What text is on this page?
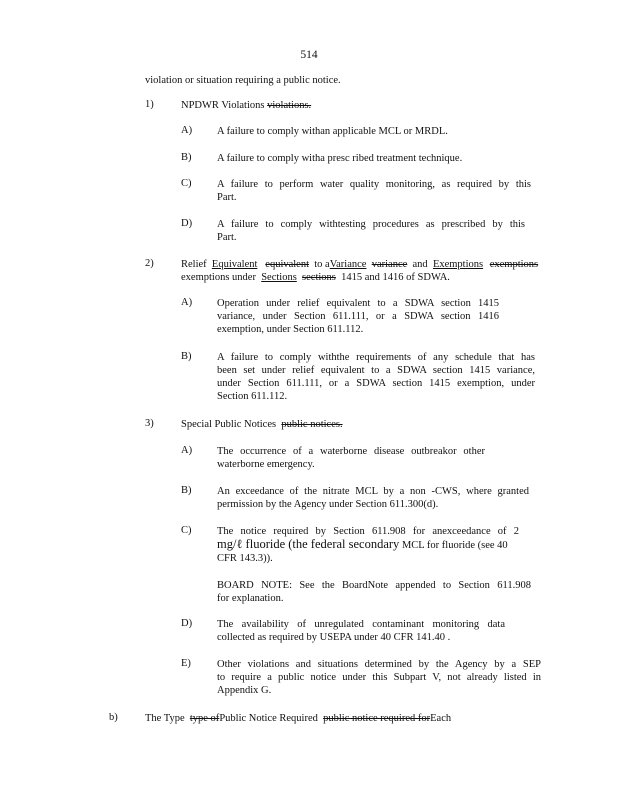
514
violation or situation requiring a public notice.
1)	NPDWR Violations violations.
A) A failure to comply withan applicable MCL or MRDL.
B) A failure to comply witha presc ribed treatment technique.
C) A failure to perform water quality monitoring, as required by this
Part.
D) A failure to comply withtesting procedures as prescribed by this
Part.
2)	Relief Equivalent equivalent to aVariance variance and Exemptions exemptions
exemptions under Sections sections 1415 and 1416 of SDWA.
A) Operation under relief equivalent to a SDWA section 1415
variance, under Section 611.111, or a SDWA section 1416
exemption, under Section 611.112.
B) A failure to comply withthe requirements of any schedule that has
been set under relief equivalent to a SDWA section 1415 variance,
under Section 611.111, or a SDWA section 1415 exemption, under
Section 611.112.
3)	Special Public Notices public notices.
A) The occurrence of a waterborne disease outbreakor other
waterborne emergency.
B) An exceedance of the nitrate MCL by a non -CWS, where granted
permission by the Agency under Section 611.300(d).
C) The notice required by Section 611.908 for anexceedance of 2
mg/ℓ fluoride (the federal secondary MCL for fluoride (see 40
CFR 143.3)).
BOARD NOTE: See the BoardNote appended to Section 611.908
for explanation.
D) The availability of unregulated contaminant monitoring data
collected as required by USEPA under 40 CFR 141.40 .
E) Other violations and situations determined by the Agency by a SEP
to require a public notice under this Subpart V, not already listed in
Appendix G.
b)	The Type type ofPublic Notice Required public notice required forEach
